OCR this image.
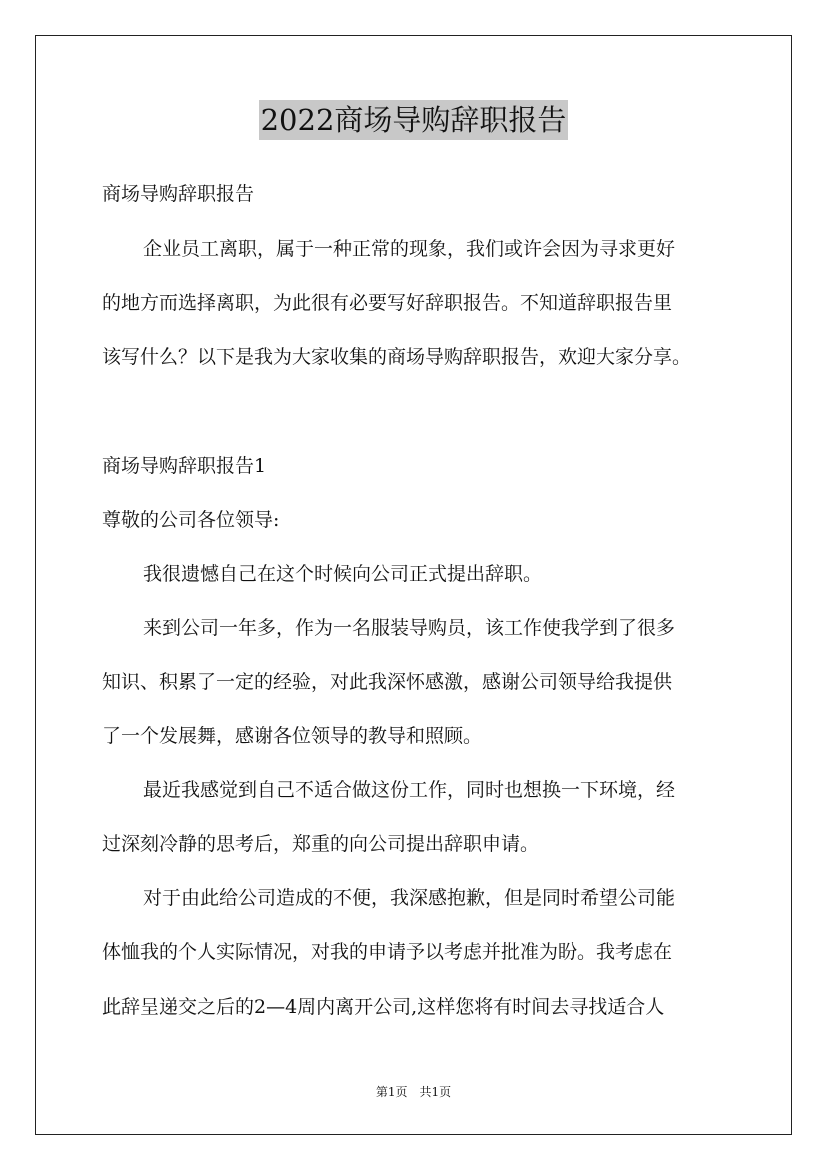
2022商场导购辞职报告
商场导购辞职报告
企业员工离职，属于一种正常的现象，我们或许会因为寻求更好
的地方而选择离职，为此很有必要写好辞职报告。不知道辞职报告里
该写什么？以下是我为大家收集的商场导购辞职报告，欢迎大家分享。
商场导购辞职报告1
尊敬的公司各位领导:
我很遗憾自己在这个时候向公司正式提出辞职。
来到公司一年多，作为一名服装导购员，该工作使我学到了很多
知识、积累了一定的经验，对此我深怀感激，感谢公司领导给我提供
了一个发展舞，感谢各位领导的教导和照顾。
最近我感觉到自己不适合做这份工作，同时也想换一下环境，经
过深刻冷静的思考后，郑重的向公司提出辞职申请。
对于由此给公司造成的不便，我深感抱歉，但是同时希望公司能
体恤我的个人实际情况，对我的申请予以考虑并批准为盼。我考虑在
此辞呈递交之后的2—4周内离开公司,这样您将有时间去寻找适合人
第1页　共1页
